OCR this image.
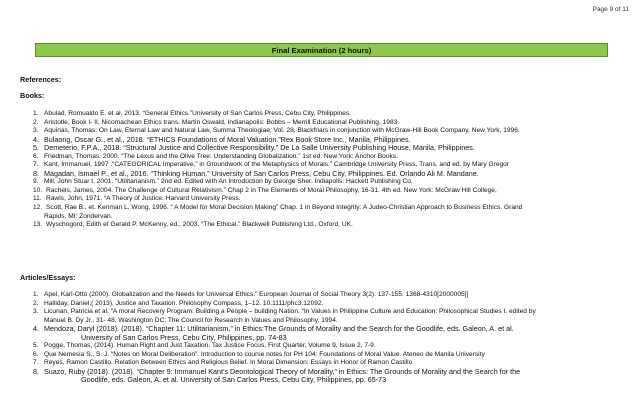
Page 9 of 11
Final Examination (2 hours)
References:
Books:
1. Abulad, Romualdo E. et al, 2013. “General Ethics.”University of San Carlos Press, Cebu City, Philippines.
2. Aristotle, Book I- II, Nicomachean Ethics trans. Martin Oswald, Indianapolis: Bobbs – Merrill Educational Publishing, 1983
3. Aquinas, Thomas: On Law, Eternal Law and Natural Law, Summa Theologiae, Vol. 28, Blackfriars in conjunction with McGraw-Hill Book Company, New York, 1996.
4. Bulaong, Oscar G., et al., 2018. “ETHICS Foundations of Moral Valuation.”Rex Book Store Inc., Manila, Philippines.
5. Demeterio, F.P.A., 2018. “Structural Justice and Collective Responsibility.” De La Salle University Publishing House, Manila, Philippines.
6. Friedman, Thomas. 2000. “The Lexus and the Olive Tree: Understanding Globalization.” 1st ed. New York: Anchor Books.
7. Kant, Immanuel, 1997 .“CATEGORICAL Imperative,” in Groundwork of the Metaphysics of Morals.” Cambridge University Press, Trans. and ed. by Mary Gregor
8. Magadan, Ismael P., et al., 2016. “Thinking Human.” University of San Carlos Press, Cebu City, Philippines. Ed. Orlando Ali M. Mandane.
9. Mill, John Stuar t, 2001. “Utilitarianism.” 2nd ed. Edited with An Introduction by George Sher. Indiapolis: Hackett Publishing Co.
10. Rachels, James, 2004. The Challenge of Cultural Relativism.” Chap 2 in The Elements of Moral Philosophy, 16-31. 4th ed. New York: McGraw Hill College,
11. Rawls, John, 1971. “A Theory of Justice. Harvard University Press.
12. Scott, Rae B., et. Kenman L. Wong, 1996. “ A Model for Moral Decision Making” Chap. 1 in Beyond Integrity: A Judeo-Christian Approach to Business Ethics. Grand
Rapids, MI: Zondervan.
13. Wyschogord, Edith et Gerald P. McKenny, ed., 2003. “The Ethical.” Blackwell Publishing Ltd., Oxford, UK.
Articles/Essays:
1. Apel, Karl-Otto (2000). Globalization and the Needs for Universal Ethics.” European Journal of Social Theory 3(2): 137-155. 1368-4310[2000005]]
2. Halliday, Daniel,( 2013). Justice and Taxation. Philosophy Compass, 1–12. 10.1111/phc3.12092.
3. Licunan, Patricia et al. “A moral Recovery Program: Building a People – building Nation. “In Values in Philippine Culture and Education: Philosophical Studies I. edited by
Manuel B. Dy Jr., 31- 48. Washington DC: The Council for Research in Values and Philosophy, 1994.
4. Mendoza, Daryl (2018). (2018). “Chapter 11: Utilitarianism,” in Ethics:The Grounds of Morality and the Search for the Goodlife, eds. Galeon, A. et al.
University of San Carlos Press, Cebu City, Philippines, pp. 74-83
5. Pogge, Thomas, (2014). Human Right and Just Taxation. Tax Justice Focus, First Quarter, Volume 9, Issue 2, 7-9.
6. Que Nemesia S., S. J. “Notes on Moral Deliberation”. Introduction to course notes for PH 104: Foundations of Moral Value. Ateneo de Manila University
7. Reyes, Ramon Castillo. Relation Between Ethics and Religious Belief. In Moral Dimension: Essays in Honor of Ramon Castillo
8. Suazo, Ruby (2018). (2018). “Chapter 9: Immanuel Kant’s Deontological Theory of Morality,” in Ethics: The Grounds of Morality and the Search for the
Goodlife, eds. Galeon, A. et al. University of San Carlos Press, Cebu City, Philippines, pp. 65-73
